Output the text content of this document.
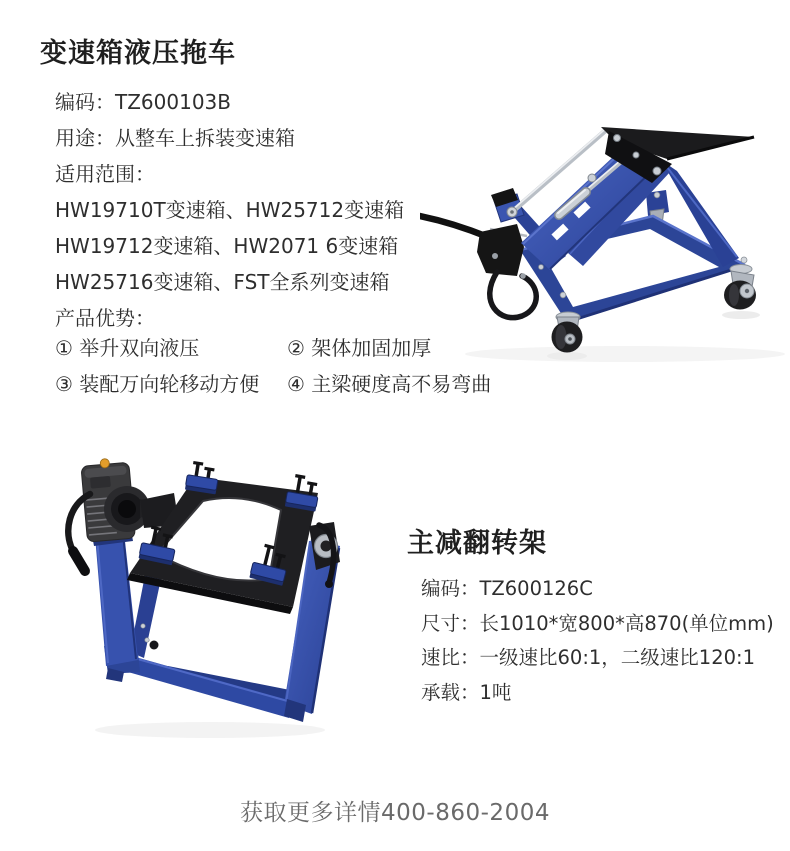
变速箱液压拖车
编码：TZ600103B
用途：从整车上拆装变速箱
适用范围：
HW19710T变速箱、HW25712变速箱
HW19712变速箱、HW2071 6变速箱
HW25716变速箱、FST全系列变速箱
产品优势：
① 举升双向液压	② 架体加固加厚
③ 装配万向轮移动方便	④ 主梁硬度高不易弯曲
主减翻转架
编码：TZ600126C
尺寸：长1010*宽800*高870(单位mm)
速比：一级速比60:1，二级速比120:1
承载：1吨
获取更多详情400-860-2004
